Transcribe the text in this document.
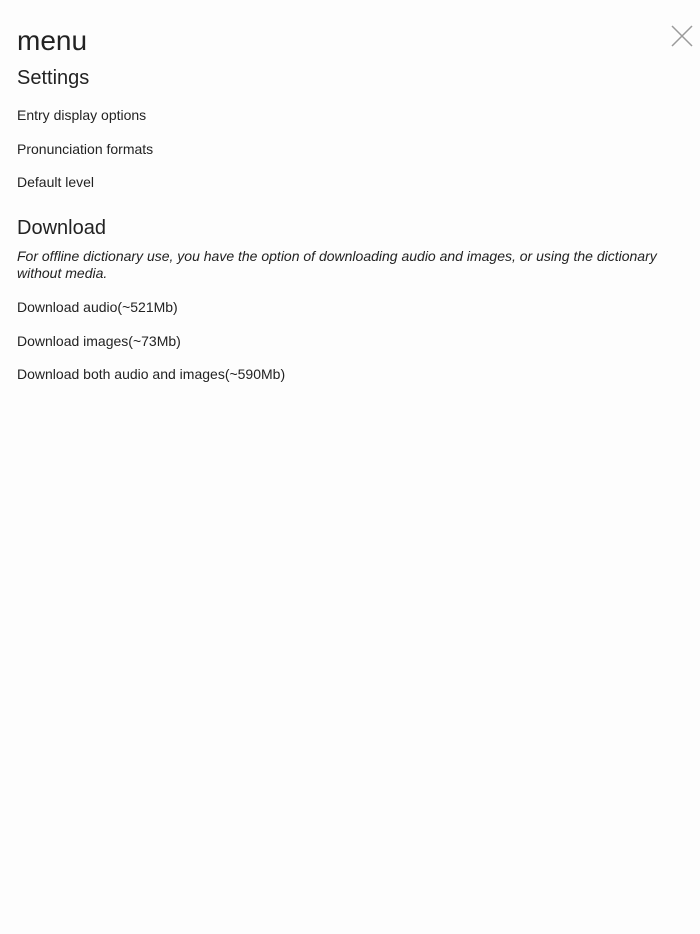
menu
Settings
Entry display options
Pronunciation formats
Default level
Download
For offline dictionary use, you have the option of downloading audio and images, or using the dictionary without media.
Download audio(~521Mb)
Download images(~73Mb)
Download both audio and images(~590Mb)
